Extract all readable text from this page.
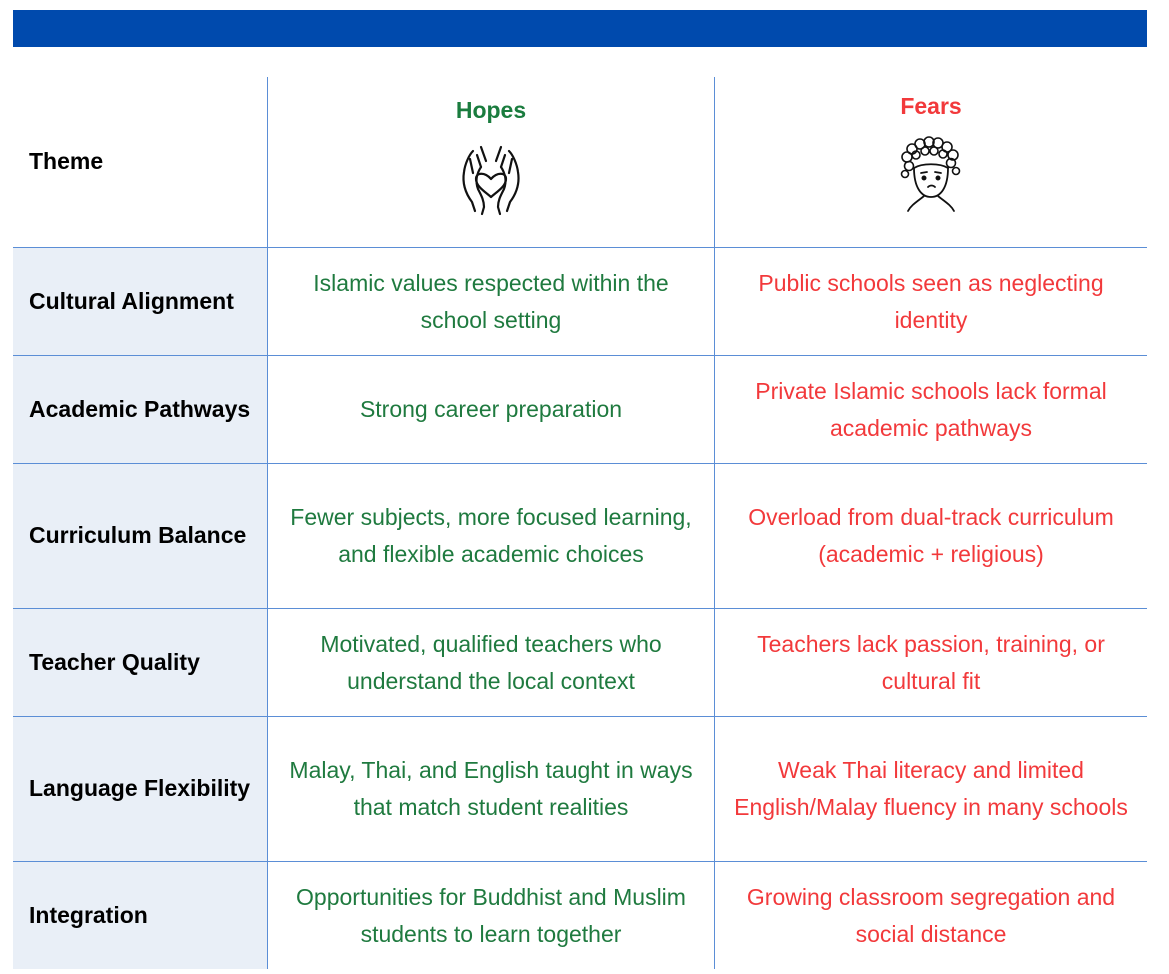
Theme
Hopes	Fears
Cultural Alignment
Islamic values respected within the school setting
Public schools seen as neglecting identity
Academic Pathways	Strong career preparation
Private Islamic schools lack formal academic pathways
Curriculum Balance
Fewer subjects, more focused learning, and flexible academic choices
Overload from dual-track curriculum (academic + religious)
Teacher Quality
Motivated, qualified teachers who understand the local context
Teachers lack passion, training, or cultural fit
Language Flexibility
Malay, Thai, and English taught in ways that match student realities
Weak Thai literacy and limited English/Malay fluency in many schools
Integration
Opportunities for Buddhist and Muslim students to learn together
Growing classroom segregation and social distance
